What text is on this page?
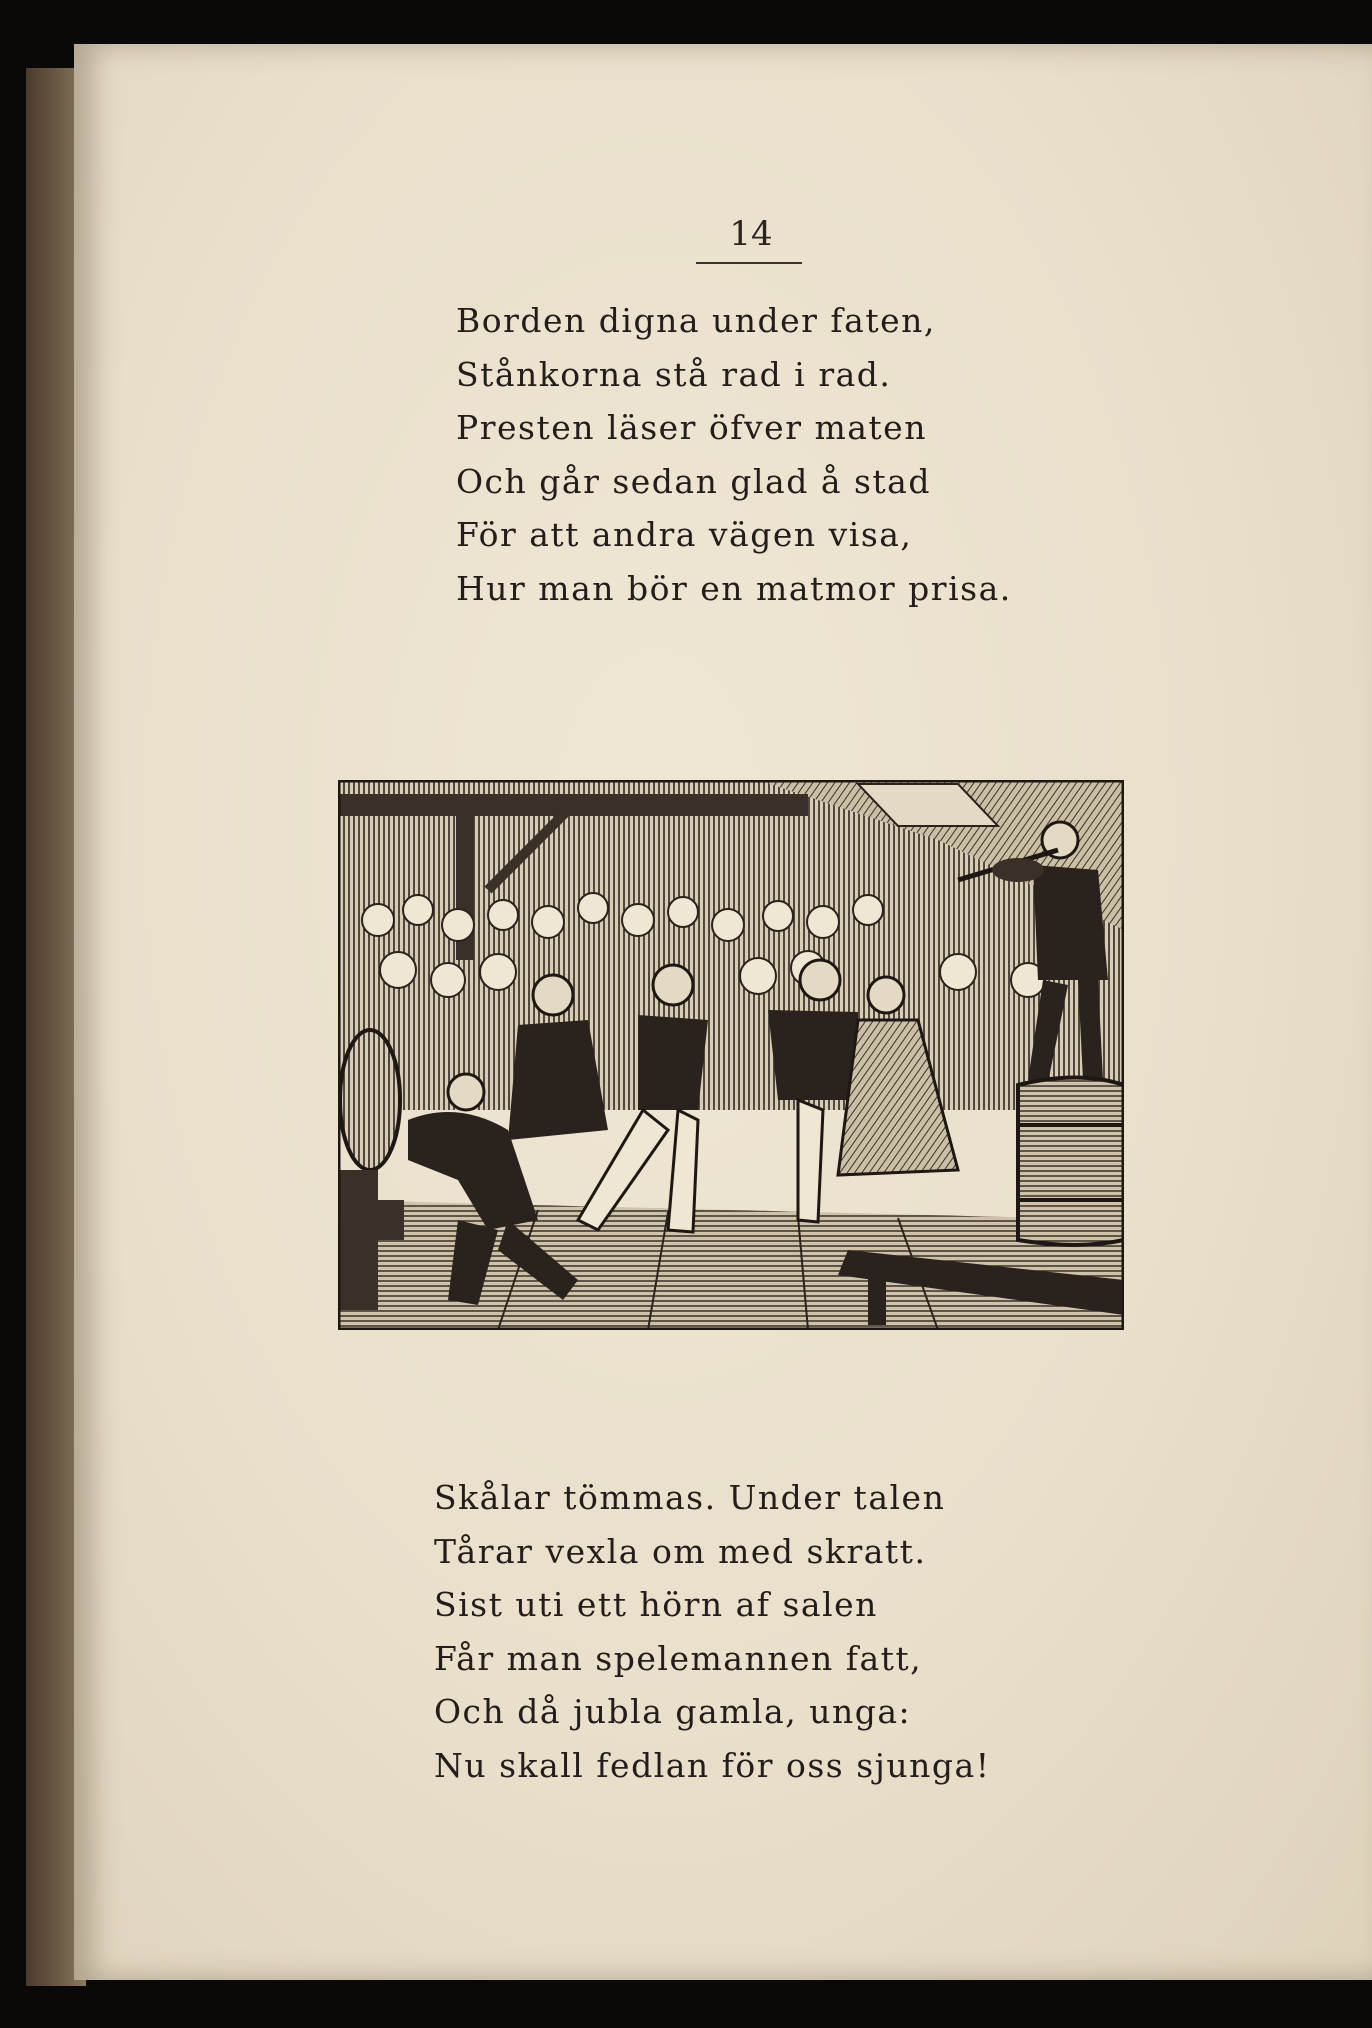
14
Borden digna under faten,
Stånkorna stå rad i rad.
Presten läser öfver maten
Och går sedan glad å stad
För att andra vägen visa,
Hur man bör en matmor prisa.
Skålar tömmas. Under talen
Tårar vexla om med skratt.
Sist uti ett hörn af salen
Får man spelemannen fatt,
Och då jubla gamla, unga:
Nu skall fedlan för oss sjunga!
